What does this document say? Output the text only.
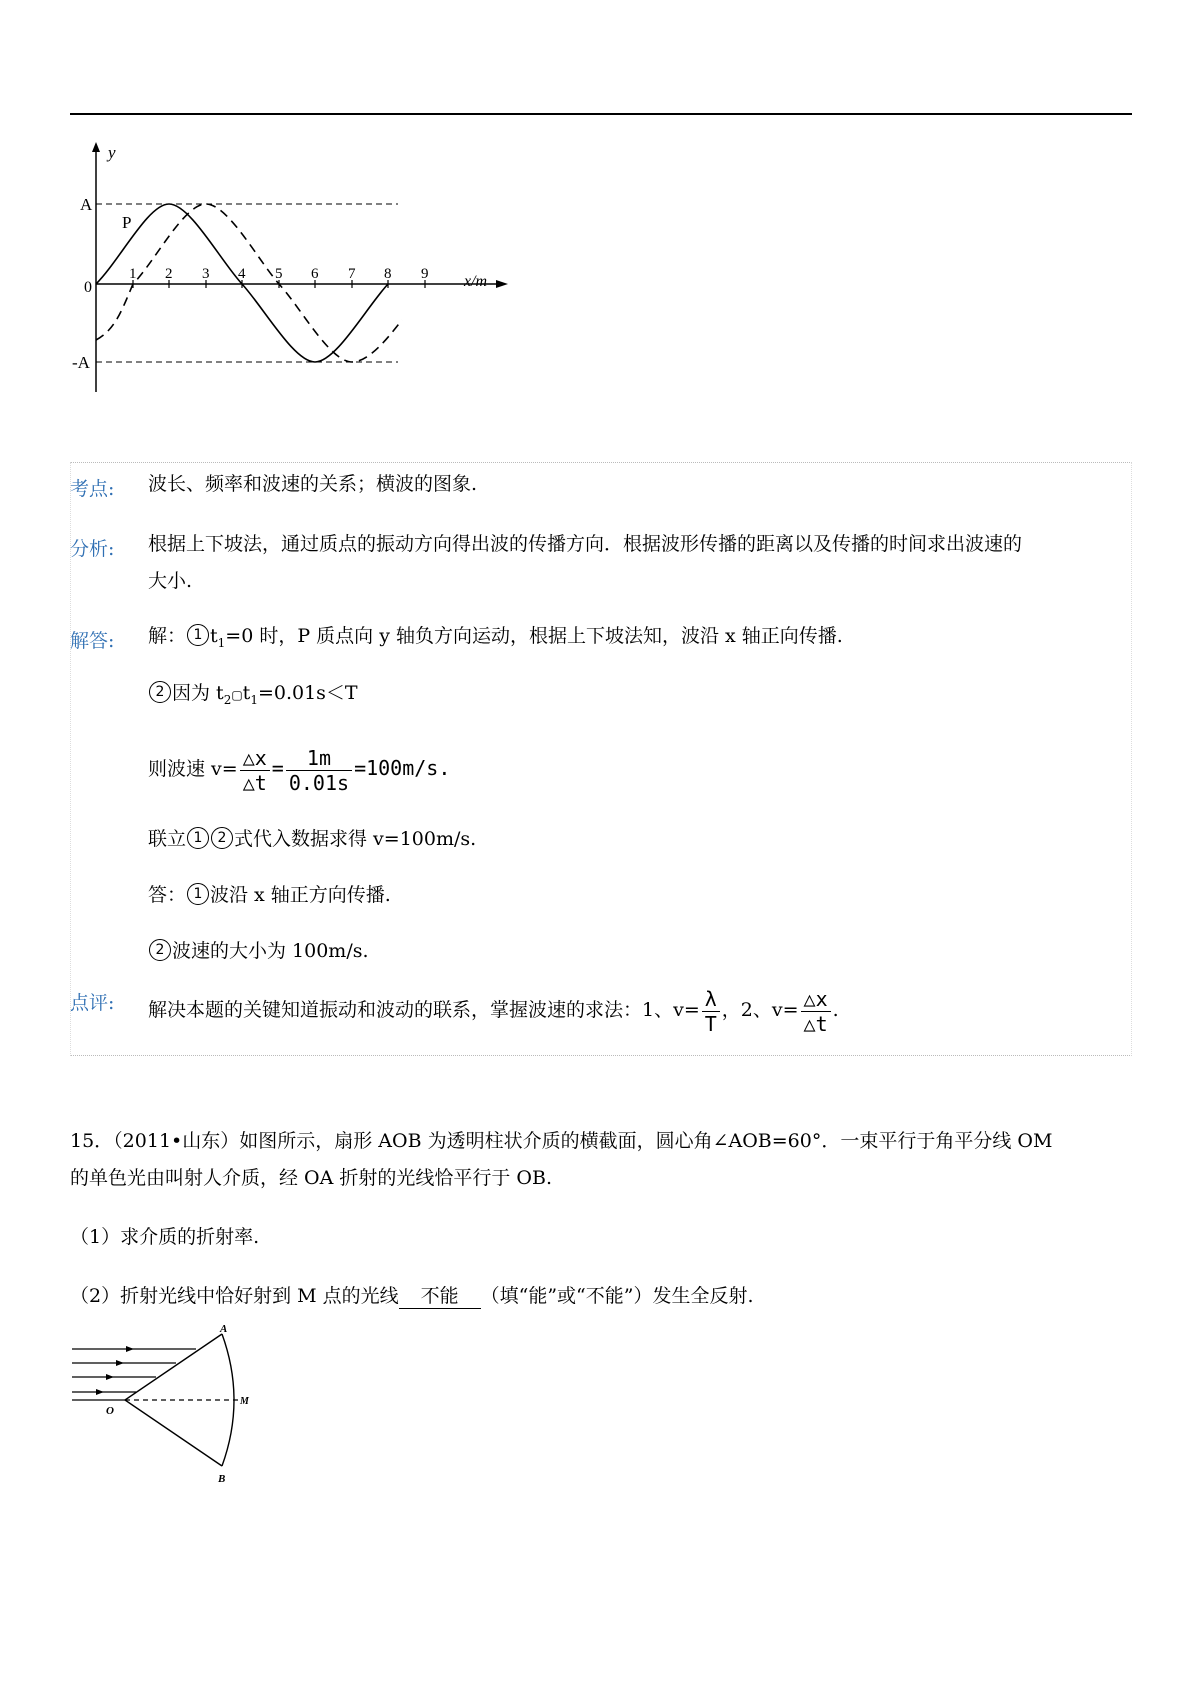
y
A
-A
0
P
1 2 3 4 5 6 7 8 9 x/m
考点: 波长、频率和波速的关系；横波的图象.
分析: 根据上下坡法，通过质点的振动方向得出波的传播方向．根据波形传播的距离以及传播的时间求出波速的
大小.
解答: 解： 1 $t_1=0$ 时，P 质点向 y 轴负方向运动，根据上下坡法知，波沿 x 轴正向传播.
2 因为 $t_2▢t_1=0.01s<T$
则波速 $v= \frac{\triangle x}{\triangle t} = \frac{1m}{0.01s} =100m/s$.
联立 1 2 式代入数据求得 v=100m/s.
答： 1 波沿 x 轴正方向传播.
2 波速的大小为 100m/s.
点评: 解决本题的关键知道振动和波动的联系，掌握波速的求法：1、$v= \frac{\lambda}{T}$ ，2、$v= \frac{\triangle x}{\triangle t}$ .
15．（2011•山东）如图所示，扇形 AOB 为透明柱状介质的横截面，圆心角∠AOB=60°．一束平行于角平分线 OM
的单色光由叫射人介质，经 OA 折射的光线恰平行于 OB.
（1）求介质的折射率.
（2）折射光线中恰好射到 M 点的光线 不能 （填“能”或“不能”）发生全反射.
A
B
O
M
